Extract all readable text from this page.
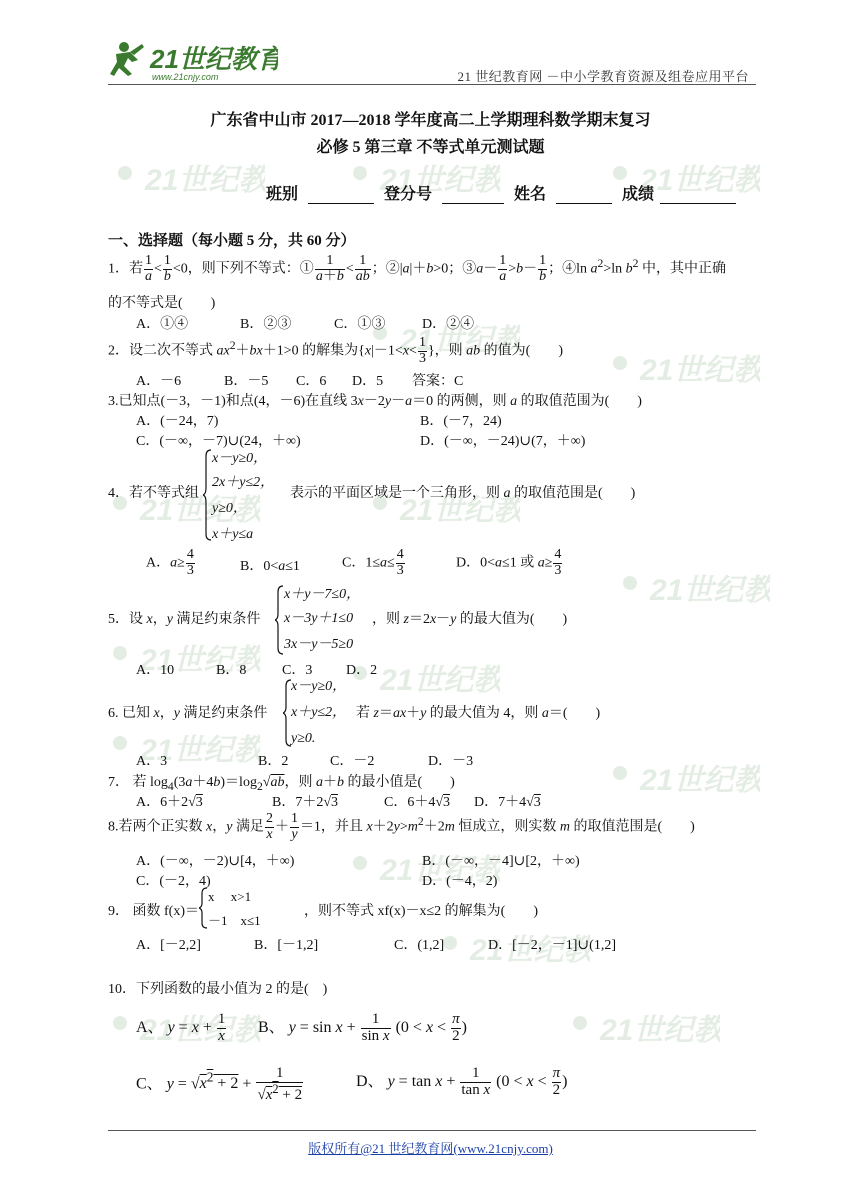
21世纪教育
www.21cnjy.com	21 世纪教育网 －中小学教育资源及组卷应用平台
21世纪	21世纪	21世纪
21世纪
21世纪
21世纪	21世纪
21世纪
21世纪
21世纪
21世纪
21世纪
21世纪
21世纪
21世纪	21世纪
广东省中山市 2017—2018 学年度高二上学期理科数学期末复习
必修 5 第三章 不等式单元测试题
班别	登分号	姓名	成绩
一、选择题（每小题 5 分，共 60 分）
1．若 $\frac{1}{a} < \frac{1}{b} <0$，则下列不等式：① $\frac{1}{a+b} < \frac{1}{ab}$ ；②|a|＋b>0；③a－ $\frac{1}{a} >b- \frac{1}{b}$ ；④ln $a^2>\ln$ $b^2$ 中，其中正确
的不等式是(　　)
A．①④	B．②③	C．①③	D．②④
2．设二次不等式 $ax^2+bx+1>0$ 的解集为{$x|-1<x< \frac{1}{3}$ }，则 ab 的值为(　　)
A．－6	B．－5 C．6 D．5 答案：C
3.已知点(－3，－1)和点(4，－6)在直线 3x－2y－a＝0 的两侧，则 a 的取值范围为(　　)
A．(－24，7)	B．(－7，24)
C．(－∞，－7)∪(24，＋∞)	D．(－∞，－24)∪(7，＋∞)
4．若不等式组
x－y≥0，
2x＋y≤2，
y≥0，
x＋y≤a
表示的平面区域是一个三角形，则 a 的取值范围是(　　)
A．$a\ge \frac{4}{3}$	B．0<a≤1	C．$1\le a\le \frac{4}{3}$	D．0<a≤1 或 $a\ge \frac{4}{3}$
5．设 x，y 满足约束条件
x＋y－7≤0，
x－3y＋1≤0
3x－y－5≥0
，则 z＝2x－y 的最大值为(　　)
A．10	B．8	C．3 D．2
6. 已知 x，y 满足约束条件
x－y≥0，
x＋y≤2，
y≥0.
若 z＝ax＋y 的最大值为 4，则 a＝(　　)
A．3	B．2	C．－2	D．－3
7． 若 $\log_4(3a+4b)=\log_2√ab$，则 a＋b 的最小值是(　　)
A．6＋2√3	B．7＋2√3	C．6＋4√3 D．7＋4√3
8.若两个正实数 x，y 满足 $\frac{2}{x} + \frac{1}{y} =1$，并且 $x+2y>m^2+2m$ 恒成立，则实数 m 的取值范围是(　　)
A．(－∞，－2)∪[4，＋∞)	B．(－∞，－4]∪[2，＋∞)
C．(－2，4)	D．(－4，2)
9． 函数 f(x)＝
x　 x>1
－1　x≤1
，则不等式 xf(x)－x≤2 的解集为(　　)
A．[－2,2]	B．[－1,2]	C．(1,2]	D．[－2，－1]∪(1,2]
10．下列函数的最小值为 2 的是(　)
A、 $y = x + \frac{1}{x}$ B、 $y = \sin x + \frac{1}{\text{sin x}} (0 < x < \frac{\pi}{2}$ )
C、 $y = √x^2 + 2 + \frac{1}{√x^2 + 2}$	D、 $y = \tan x + \frac{1}{\text{tan x}} (0 < x < \frac{\pi}{2}$ )
版权所有@21 世纪教育网(www.21cnjy.com)
